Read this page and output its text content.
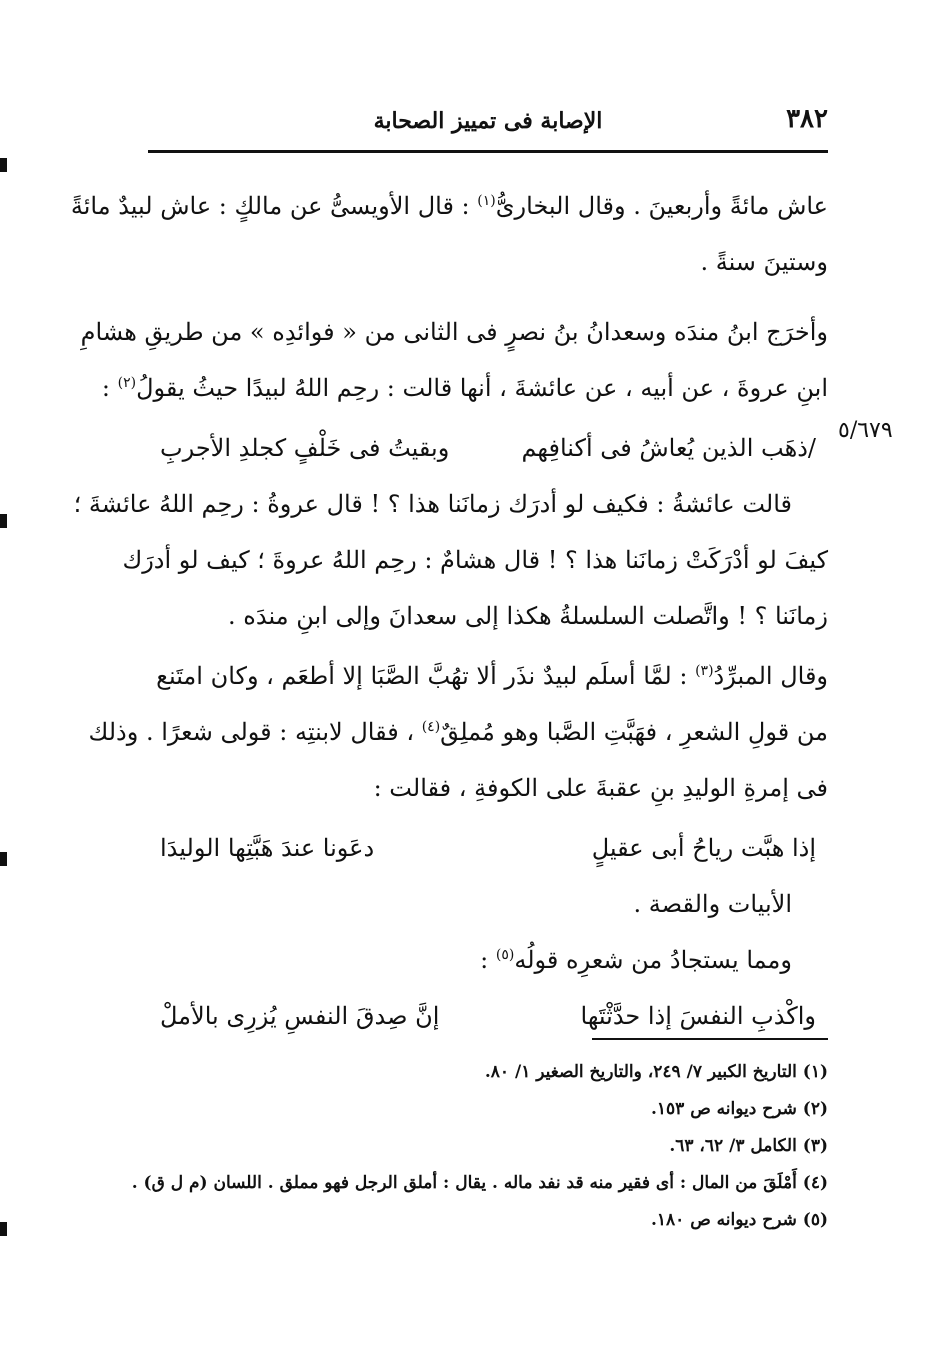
٣٨٢
الإصابة فى تمييز الصحابة
٥/٦٧٩
عاش مائةً وأربعينَ . وقال البخارىُّ$^{(١)}$ : قال الأويسىُّ عن مالكٍ : عاش لبيدٌ مائةً
وستينَ سنةً .
وأخرَج ابنُ مندَه وسعدانُ بنُ نصرٍ فى الثانى من « فوائدِه » من طريقِ هشامِ
ابنِ عروةَ ، عن أبيه ، عن عائشةَ ، أنها قالت : رحِم اللهُ لبيدًا حيثُ يقولُ$^{(٢)}$ :
/ذهَب الذين يُعاشُ فى أكنافِهم
وبقيتُ فى خَلْفٍ كجلدِ الأجربِ
قالت عائشةُ : فكيف لو أدرَك زمانَنا هذا ؟ ! قال عروةُ : رحِم اللهُ عائشةَ ؛
كيفَ لو أدْرَكَتْ زمانَنا هذا ؟ ! قال هشامٌ : رحِم اللهُ عروةَ ؛ كيف لو أدرَك
زمانَنا ؟ ! واتَّصلت السلسلةُ هكذا إلى سعدانَ وإلى ابنِ مندَه .
وقال المبرِّدُ$^{(٣)}$ : لمَّا أسلَم لبيدٌ نذَر ألا تهُبَّ الصَّبَا إلا أطعَم ، وكان امتَنع
من قولِ الشعرِ ، فهَبَّتِ الصَّبا وهو مُملِقٌ$^{(٤)}$ ، فقال لابنتِه : قولى شعرًا . وذلك
فى إمرةِ الوليدِ بنِ عقبةَ على الكوفةِ ، فقالت :
إذا هبَّت رياحُ أبى عقيلٍ
دعَونا عندَ هَبَّتِها الوليدَا
الأبيات والقصة .
ومما يستجادُ من شعرِه قولُه$^{(٥)}$ :
واكْذبِ النفسَ إذا حدَّثْتَها
إنَّ صِدقَ النفسِ يُزرِى بالأملْ
(١) التاريخ الكبير ٧/ ٢٤٩، والتاريخ الصغير ١/ ٨٠.
(٢) شرح ديوانه ص ١٥٣.
(٣) الكامل ٣/ ٦٢، ٦٣.
(٤) أَمْلَقَ من المال : أى فقير منه قد نفد ماله . يقال : أملق الرجل فهو مملق . اللسان (م ل ق) .
(٥) شرح ديوانه ص ١٨٠.
